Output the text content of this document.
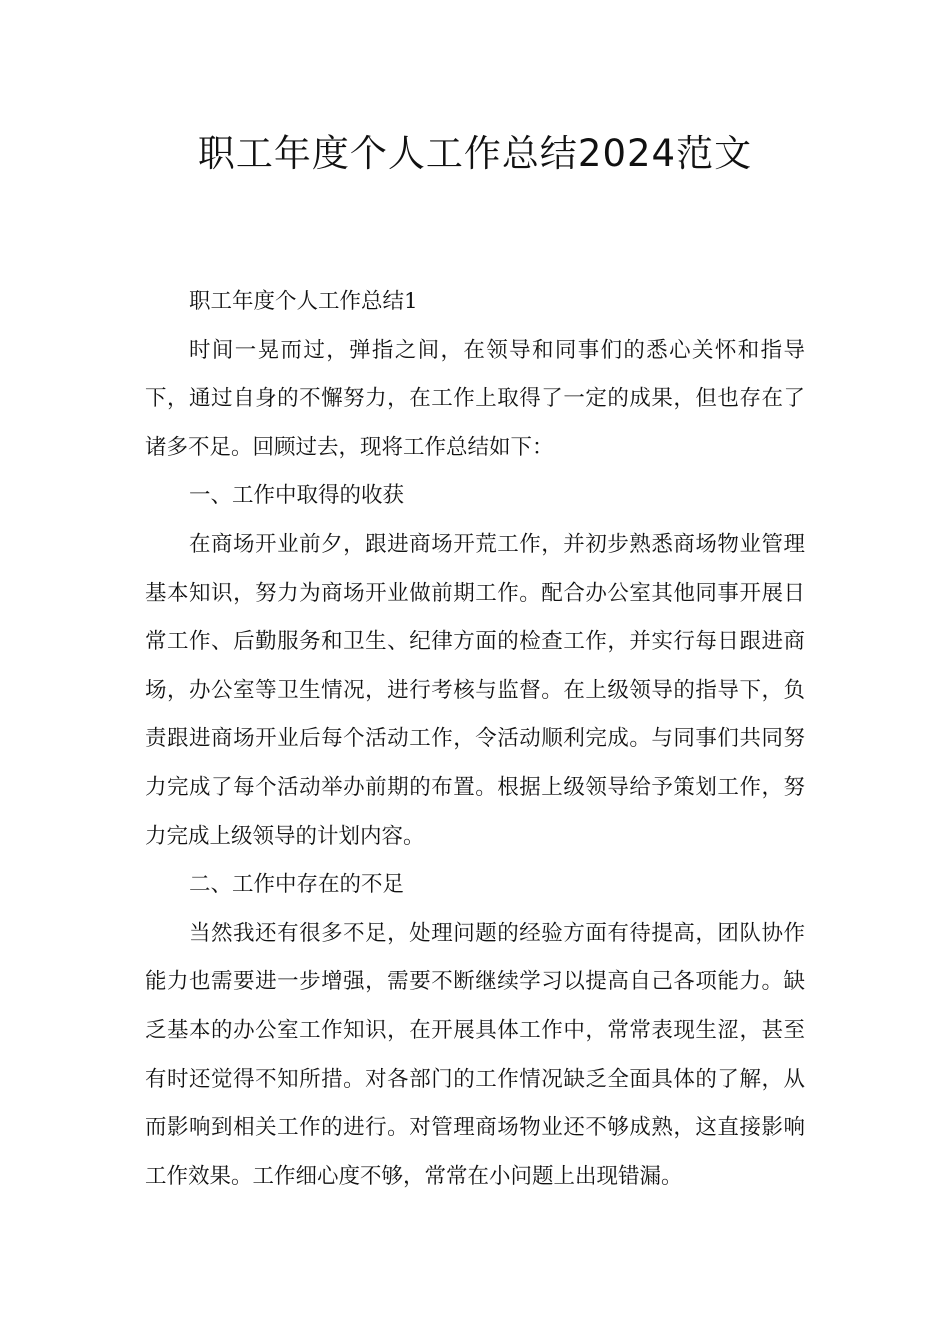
职工年度个人工作总结2024范文

职工年度个人工作总结1

时间一晃而过，弹指之间，在领导和同事们的悉心关怀和指导下，通过自身的不懈努力，在工作上取得了一定的成果，但也存在了诸多不足。回顾过去，现将工作总结如下：

一、工作中取得的收获

在商场开业前夕，跟进商场开荒工作，并初步熟悉商场物业管理基本知识，努力为商场开业做前期工作。配合办公室其他同事开展日常工作、后勤服务和卫生、纪律方面的检查工作，并实行每日跟进商场，办公室等卫生情况，进行考核与监督。在上级领导的指导下，负责跟进商场开业后每个活动工作，令活动顺利完成。与同事们共同努力完成了每个活动举办前期的布置。根据上级领导给予策划工作，努力完成上级领导的计划内容。

二、工作中存在的不足

当然我还有很多不足，处理问题的经验方面有待提高，团队协作能力也需要进一步增强，需要不断继续学习以提高自己各项能力。缺乏基本的办公室工作知识，在开展具体工作中，常常表现生涩，甚至有时还觉得不知所措。对各部门的工作情况缺乏全面具体的了解，从而影响到相关工作的进行。对管理商场物业还不够成熟，这直接影响工作效果。工作细心度不够，常常在小问题上出现错漏。
